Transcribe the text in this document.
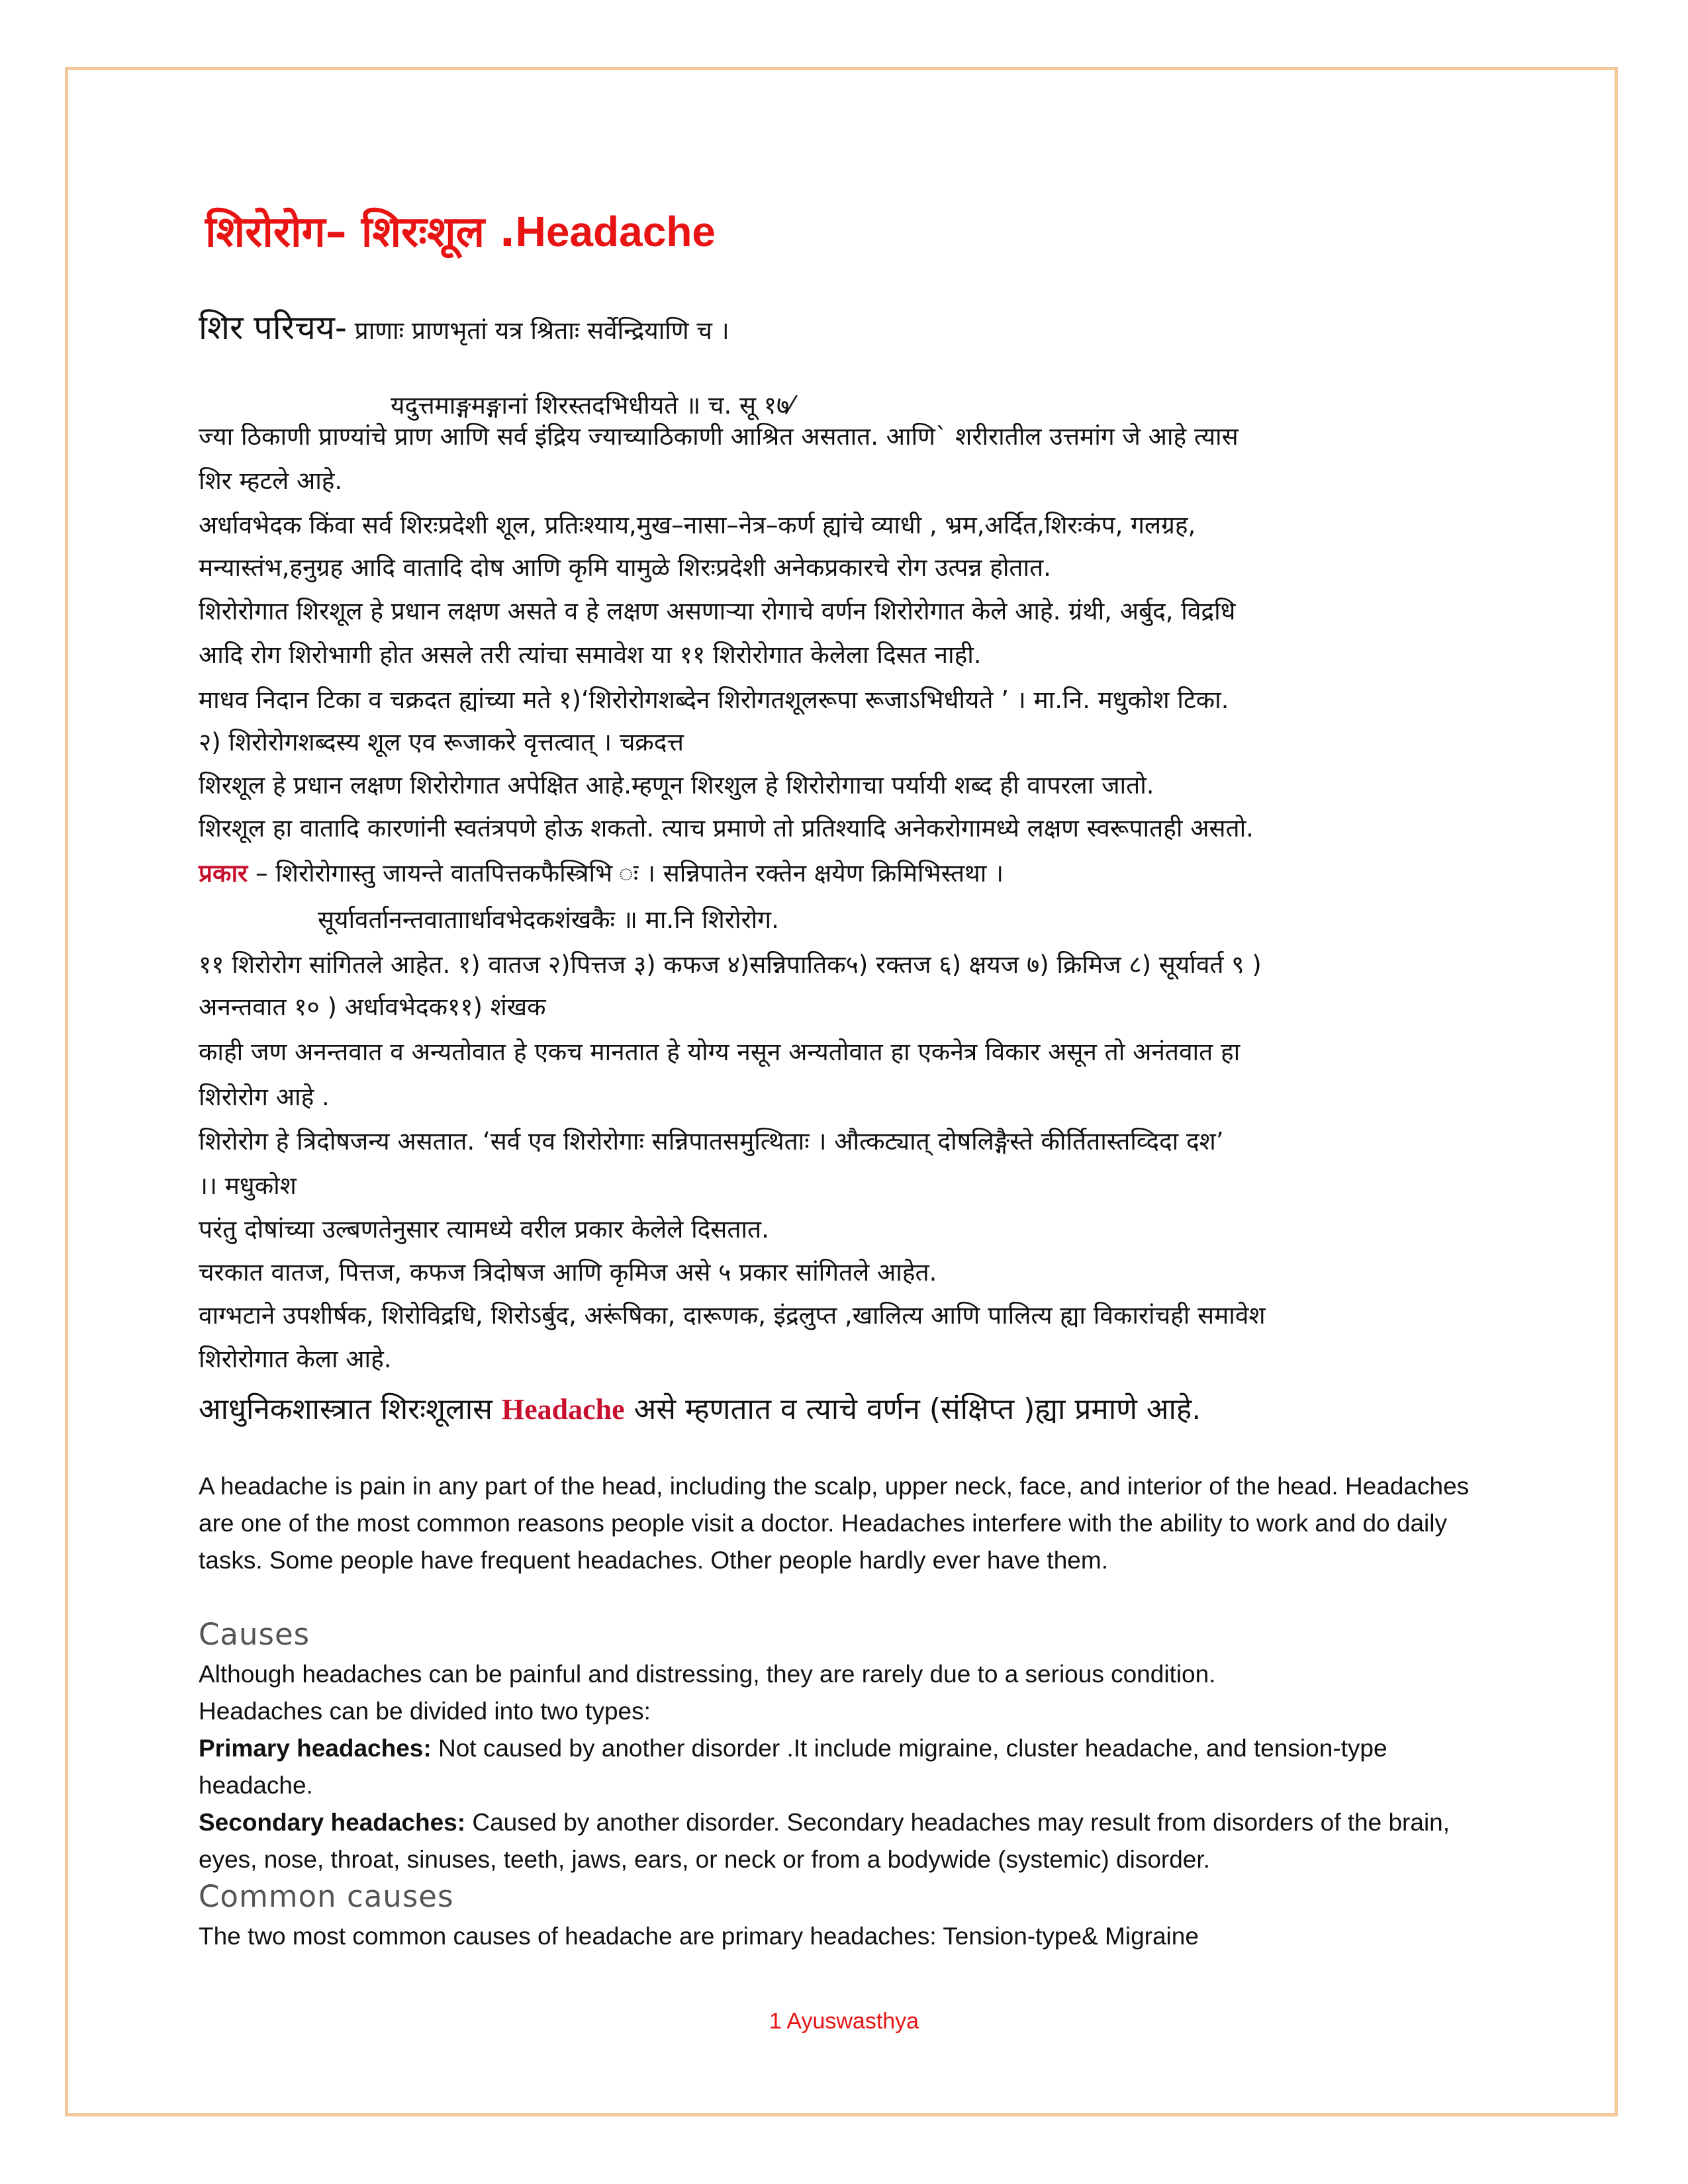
शिरोरोग– शिरःशूल .Headache
शिर परिचय- प्राणाः प्राणभृतां यत्र श्रिताः सर्वेन्द्रियाणि च ।
यदुत्तमाङ्गमङ्गानां शिरस्तदभिधीयते ॥ च. सू १७⁄
ज्या ठिकाणी प्राण्यांचे प्राण आणि सर्व इंद्रिय ज्याच्याठिकाणी आश्रित असतात. आणि` शरीरातील उत्तमांग जे आहे त्यास
शिर म्हटले आहे.
अर्धावभेदक किंवा सर्व शिरःप्रदेशी शूल, प्रतिःश्याय,मुख–नासा–नेत्र–कर्ण ह्यांचे व्याधी , भ्रम,अर्दित,शिरःकंप, गलग्रह,
मन्यास्तंभ,हनुग्रह आदि वातादि दोष आणि कृमि यामुळे शिरःप्रदेशी अनेकप्रकारचे रोग उत्पन्न होतात.
शिरोरोगात शिरशूल हे प्रधान लक्षण असते व हे लक्षण असणाऱ्या रोगाचे वर्णन शिरोरोगात केले आहे. ग्रंथी, अर्बुद, विद्रधि
आदि रोग शिरोभागी होत असले तरी त्यांचा समावेश या ११ शिरोरोगात केलेला दिसत नाही.
माधव निदान टिका व चक्रदत ह्यांच्या मते १)‘शिरोरोगशब्देन शिरोगतशूलरूपा रूजाऽभिधीयते ’ । मा.नि. मधुकोश टिका.
२) शिरोरोगशब्दस्य शूल एव रूजाकरे वृत्तत्वात् । चक्रदत्त
शिरशूल हे प्रधान लक्षण शिरोरोगात अपेक्षित आहे.म्हणून शिरशुल हे शिरोरोगाचा पर्यायी शब्द ही वापरला जातो.
शिरशूल हा वातादि कारणांनी स्वतंत्रपणे होऊ शकतो. त्याच प्रमाणे तो प्रतिश्यादि अनेकरोगामध्ये लक्षण स्वरूपातही असतो.
प्रकार – शिरोरोगास्तु जायन्ते वातपित्तकफैस्त्रिभि ः । सन्निपातेन रक्तेन क्षयेण क्रिमिभिस्तथा ।
सूर्यावर्तानन्तवाताार्धावभेदकशंखकैः ॥ मा.नि शिरोरोग.
११ शिरोरोग सांगितले आहेत. १) वातज २)पित्तज ३) कफज ४)सन्निपातिक५) रक्तज ६) क्षयज ७) क्रिमिज ८) सूर्यावर्त ९ )
अनन्तवात १० ) अर्धावभेदक११) शंखक
काही जण अनन्तवात व अन्यतोवात हे एकच मानतात हे योग्य नसून अन्यतोवात हा एकनेत्र विकार असून तो अनंतवात हा
शिरोरोग आहे .
शिरोरोग हे त्रिदोषजन्य असतात. ‘सर्व एव शिरोरोगाः सन्निपातसमुत्थिताः । औत्कट्यात् दोषलिङ्गैस्ते कीर्तितास्तव्दिदा दश’
।। मधुकोश
परंतु दोषांच्या उल्बणतेनुसार त्यामध्ये वरील प्रकार केलेले दिसतात.
चरकात वातज, पित्तज, कफज त्रिदोषज आणि कृमिज असे ५ प्रकार सांगितले आहेत.
वाग्भटाने उपशीर्षक, शिरोविद्रधि, शिरोऽर्बुद, अरूंषिका, दारूणक, इंद्रलुप्त ,खालित्य आणि पालित्य ह्या विकारांचही समावेश
शिरोरोगात केला आहे.
आधुनिकशास्त्रात शिरःशूलास Headache असे म्हणतात व त्याचे वर्णन (संक्षिप्त )ह्या प्रमाणे आहे.
A headache is pain in any part of the head, including the scalp, upper neck, face, and interior of the head. Headaches are one of the most common reasons people visit a doctor. Headaches interfere with the ability to work and do daily tasks. Some people have frequent headaches. Other people hardly ever have them.
Causes
Although headaches can be painful and distressing, they are rarely due to a serious condition.
Headaches can be divided into two types:
Primary headaches: Not caused by another disorder .It include migraine, cluster headache, and tension-type headache.
Secondary headaches: Caused by another disorder. Secondary headaches may result from disorders of the brain, eyes, nose, throat, sinuses, teeth, jaws, ears, or neck or from a bodywide (systemic) disorder.
Common causes
The two most common causes of headache are primary headaches: Tension-type& Migraine
1 Ayuswasthya
